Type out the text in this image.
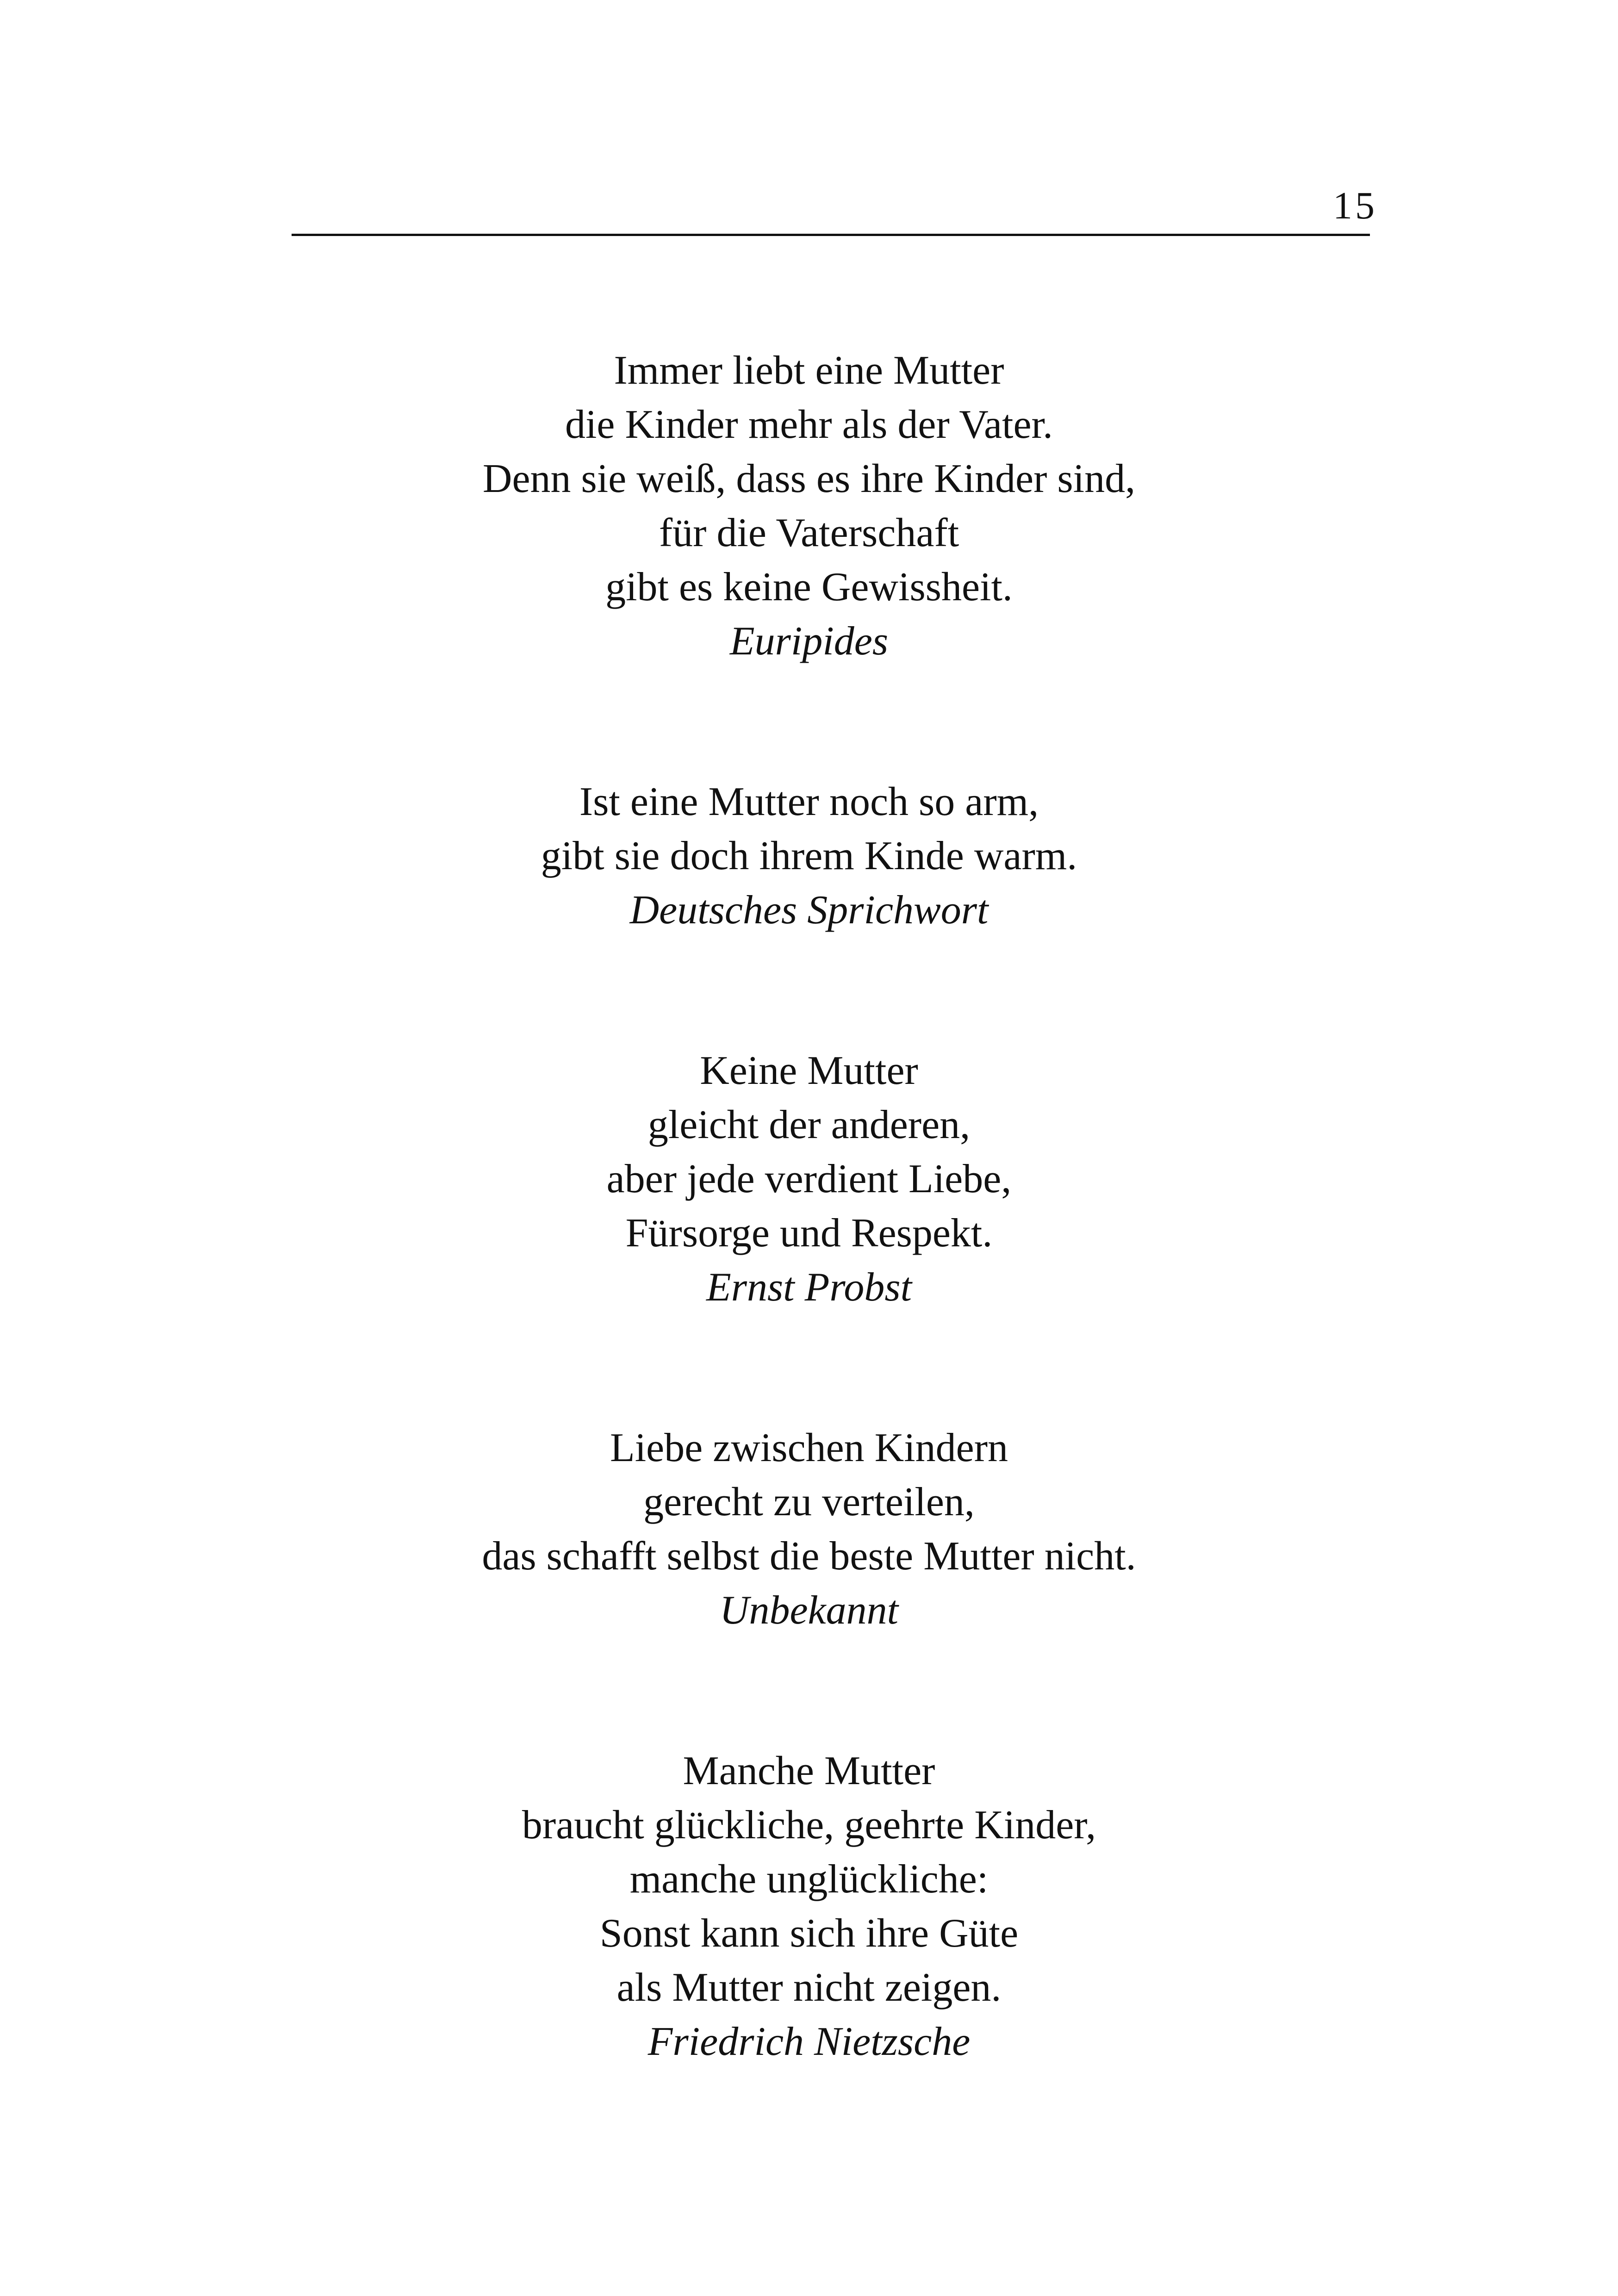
15
Immer liebt eine Mutter
die Kinder mehr als der Vater.
Denn sie weiß, dass es ihre Kinder sind,
für die Vaterschaft
gibt es keine Gewissheit.
Euripides
Ist eine Mutter noch so arm,
gibt sie doch ihrem Kinde warm.
Deutsches Sprichwort
Keine Mutter
gleicht der anderen,
aber jede verdient Liebe,
Fürsorge und Respekt.
Ernst Probst
Liebe zwischen Kindern
gerecht zu verteilen,
das schafft selbst die beste Mutter nicht.
Unbekannt
Manche Mutter
braucht glückliche, geehrte Kinder,
manche unglückliche:
Sonst kann sich ihre Güte
als Mutter nicht zeigen.
Friedrich Nietzsche
